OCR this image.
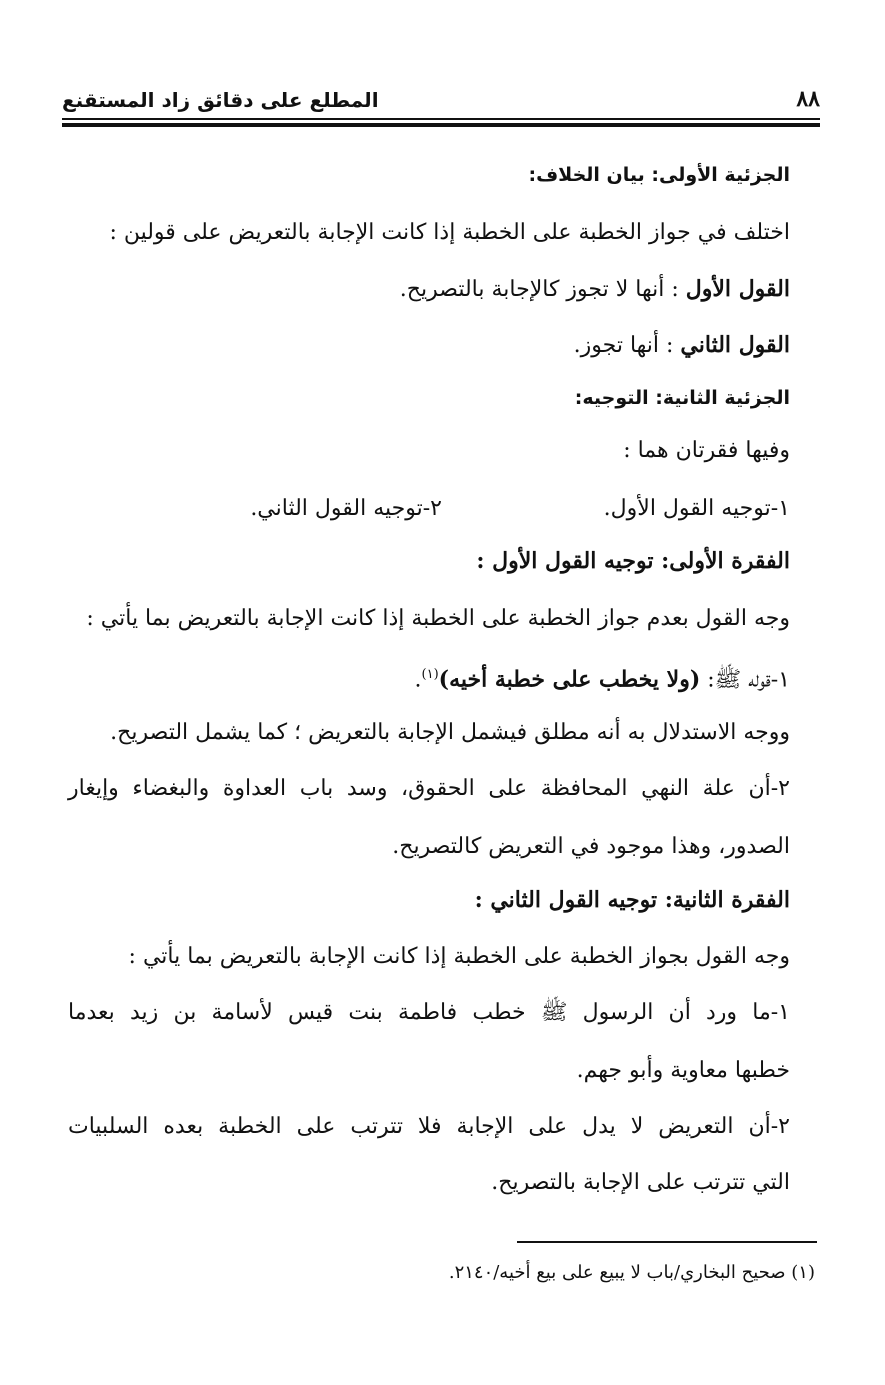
٨٨
المطلع على دقائق زاد المستقنع
الجزئية الأولى: بيان الخلاف:
اختلف في جواز الخطبة على الخطبة إذا كانت الإجابة بالتعريض على قولين :
القول الأول : أنها لا تجوز كالإجابة بالتصريح.
القول الثاني : أنها تجوز.
الجزئية الثانية: التوجيه:
وفيها فقرتان هما :
١-توجيه القول الأول.
٢-توجيه القول الثاني.
الفقرة الأولى: توجيه القول الأول :
وجه القول بعدم جواز الخطبة على الخطبة إذا كانت الإجابة بالتعريض بما يأتي :
١-قوله ﷺ: (ولا يخطب على خطبة أخيه)$^{(١)}$.
ووجه الاستدلال به أنه مطلق فيشمل الإجابة بالتعريض ؛ كما يشمل التصريح.
٢-أن علة النهي المحافظة على الحقوق، وسد باب العداوة والبغضاء وإيغار
الصدور، وهذا موجود في التعريض كالتصريح.
الفقرة الثانية: توجيه القول الثاني :
وجه القول بجواز الخطبة على الخطبة إذا كانت الإجابة بالتعريض بما يأتي :
١-ما ورد أن الرسول ﷺ خطب فاطمة بنت قيس لأسامة بن زيد بعدما
خطبها معاوية وأبو جهم.
٢-أن التعريض لا يدل على الإجابة فلا تترتب على الخطبة بعده السلبيات
التي تترتب على الإجابة بالتصريح.
(١) صحيح البخاري/باب لا يبيع على بيع أخيه/٢١٤٠.
